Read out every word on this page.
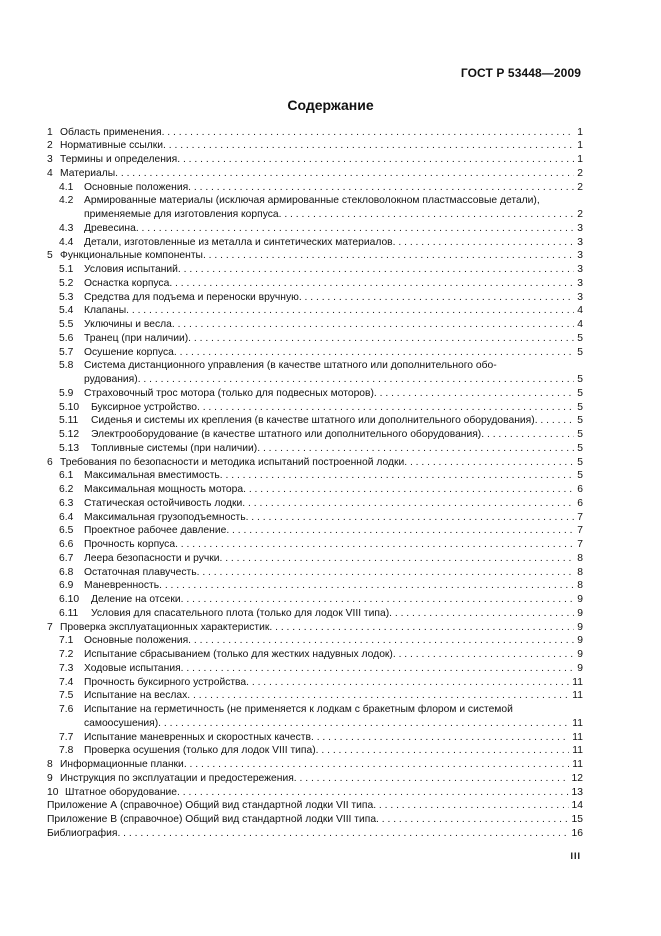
ГОСТ Р 53448—2009
Содержание
1 Область применения . . .	1
2 Нормативные ссылки . . .	1
3 Термины и определения . . .	1
4 Материалы . . .	2
4.1 Основные положения . . .	2
4.2 Армированные материалы (исключая армированные стекловолокном пластмассовые детали),
применяемые для изготовления корпуса . . .	2
4.3 Древесина . . .	3
4.4 Детали, изготовленные из металла и синтетических материалов . . .	3
5 Функциональные компоненты . . .	3
5.1 Условия испытаний . . .	3
5.2 Оснастка корпуса . . .	3
5.3 Средства для подъема и переноски вручную . . .	3
5.4 Клапаны . . .	4
5.5 Уключины и весла . . .	4
5.6 Транец (при наличии) . . .	5
5.7 Осушение корпуса . . .	5
5.8 Система дистанционного управления (в качестве штатного или дополнительного обо-
рудования) . . .	5
5.9 Страховочный трос мотора (только для подвесных моторов) . . .	5
5.10 Буксирное устройство . . .	5
5.11 Сиденья и системы их крепления (в качестве штатного или дополнительного оборудования) . . .	5
5.12 Электрооборудование (в качестве штатного или дополнительного оборудования) . . .	5
5.13 Топливные системы (при наличии) . . .	5
6 Требования по безопасности и методика испытаний построенной лодки . . .	5
6.1 Максимальная вместимость . . .	5
6.2 Максимальная мощность мотора . . .	6
6.3 Статическая остойчивость лодки . . .	6
6.4 Максимальная грузоподъемность . . .	7
6.5 Проектное рабочее давление . . .	7
6.6 Прочность корпуса . . .	7
6.7 Леера безопасности и ручки . . .	8
6.8 Остаточная плавучесть . . .	8
6.9 Маневренность . . .	8
6.10 Деление на отсеки . . .	9
6.11 Условия для спасательного плота (только для лодок VIII типа) . . .	9
7 Проверка эксплуатационных характеристик . . .	9
7.1 Основные положения . . .	9
7.2 Испытание сбрасыванием (только для жестких надувных лодок) . . .	9
7.3 Ходовые испытания . . .	9
7.4 Прочность буксирного устройства . . .	11
7.5 Испытание на веслах . . .	11
7.6 Испытание на герметичность (не применяется к лодкам с бракетным флором и системой
самоосушения) . . .	11
7.7 Испытание маневренных и скоростных качеств . . .	11
7.8 Проверка осушения (только для лодок VIII типа) . . .	11
8 Информационные планки . . .	11
9 Инструкция по эксплуатации и предостережения . . .	12
10 Штатное оборудование . . .	13
Приложение А (справочное) Общий вид стандартной лодки VII типа . . .	14
Приложение В (справочное) Общий вид стандартной лодки VIII типа . . .	15
Библиография . . .	16
III
